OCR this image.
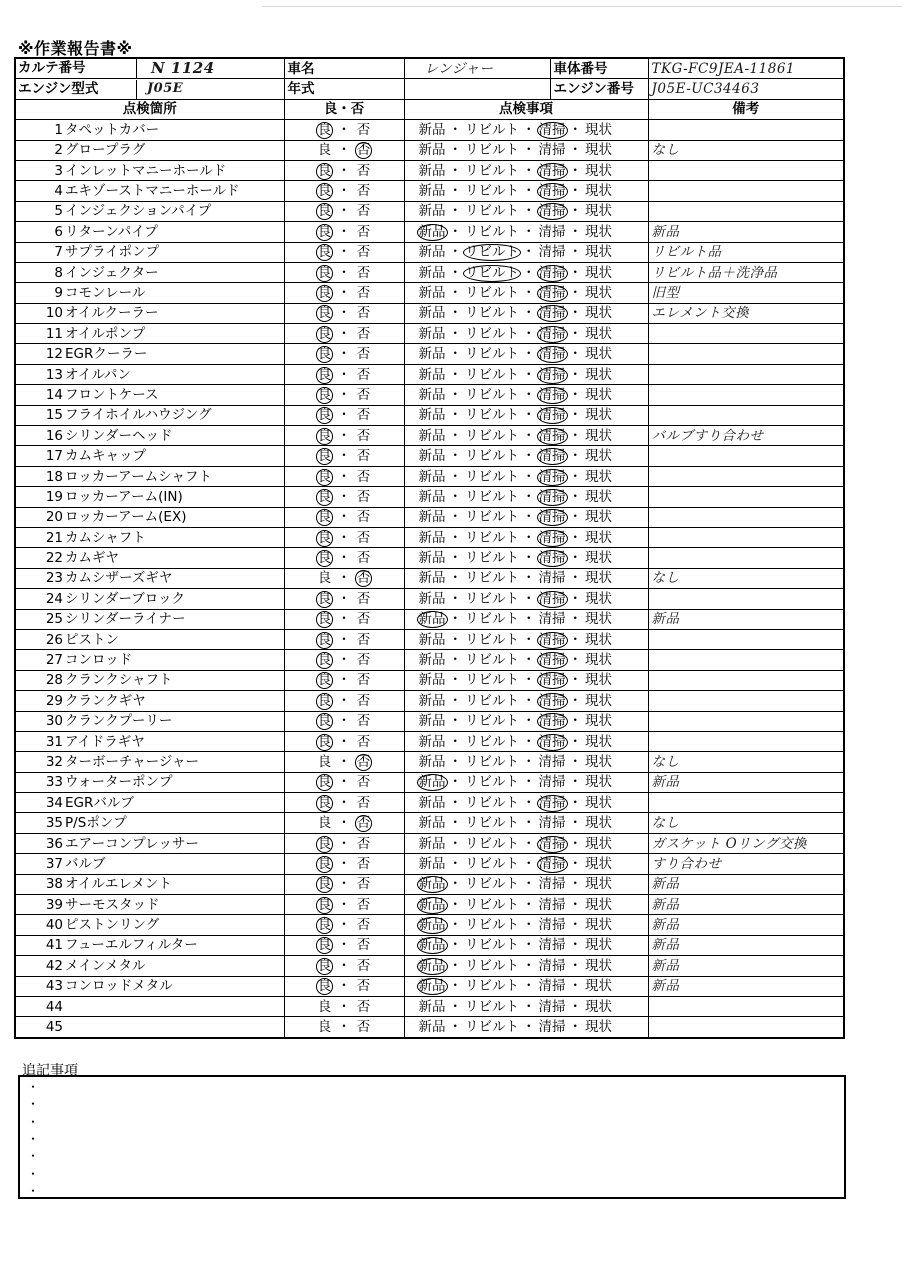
※作業報告書※
カルテ番号 N 1124		車名	レンジャー	車体番号	TKG-FC9JEA-11861

エンジン型式 J05E		年式		エンジン番号	J05E-UC34463
点検箇所		良・否	点検事項		備考
1	タペットカバー	良 ・ 否	新品 ・ リビルト ・ 清掃 ・ 現状		
2	グロープラグ	良 ・ 否	新品 ・ リビルト ・ 清掃 ・ 現状		なし
3	インレットマニーホールド	良 ・ 否	新品 ・ リビルト ・ 清掃 ・ 現状		
4	エキゾーストマニーホールド	良 ・ 否	新品 ・ リビルト ・ 清掃 ・ 現状		
5	インジェクションパイプ	良 ・ 否	新品 ・ リビルト ・ 清掃 ・ 現状		
6	リターンパイプ	良 ・ 否	新品 ・ リビルト ・ 清掃 ・ 現状		新品
7	サプライポンプ	良 ・ 否	新品 ・ リビルト ・ 清掃 ・ 現状		リビルト品
8	インジェクター	良 ・ 否	新品 ・ リビルト ・ 清掃 ・ 現状		リビルト品＋洗浄品
9	コモンレール	良 ・ 否	新品 ・ リビルト ・ 清掃 ・ 現状		旧型
10	オイルクーラー	良 ・ 否	新品 ・ リビルト ・ 清掃 ・ 現状		エレメント交換
11	オイルポンプ	良 ・ 否	新品 ・ リビルト ・ 清掃 ・ 現状		
12	EGRクーラー	良 ・ 否	新品 ・ リビルト ・ 清掃 ・ 現状		
13	オイルパン	良 ・ 否	新品 ・ リビルト ・ 清掃 ・ 現状		
14	フロントケース	良 ・ 否	新品 ・ リビルト ・ 清掃 ・ 現状		
15	フライホイルハウジング	良 ・ 否	新品 ・ リビルト ・ 清掃 ・ 現状		
16	シリンダーヘッド	良 ・ 否	新品 ・ リビルト ・ 清掃 ・ 現状		バルブすり合わせ
17	カムキャップ	良 ・ 否	新品 ・ リビルト ・ 清掃 ・ 現状		
18	ロッカーアームシャフト	良 ・ 否	新品 ・ リビルト ・ 清掃 ・ 現状		
19	ロッカーアーム(IN)	良 ・ 否	新品 ・ リビルト ・ 清掃 ・ 現状		
20	ロッカーアーム(EX)	良 ・ 否	新品 ・ リビルト ・ 清掃 ・ 現状		
21	カムシャフト	良 ・ 否	新品 ・ リビルト ・ 清掃 ・ 現状		
22	カムギヤ	良 ・ 否	新品 ・ リビルト ・ 清掃 ・ 現状		
23	カムシザーズギヤ	良 ・ 否	新品 ・ リビルト ・ 清掃 ・ 現状		なし
24	シリンダーブロック	良 ・ 否	新品 ・ リビルト ・ 清掃 ・ 現状		
25	シリンダーライナー	良 ・ 否	新品 ・ リビルト ・ 清掃 ・ 現状		新品
26	ピストン	良 ・ 否	新品 ・ リビルト ・ 清掃 ・ 現状		
27	コンロッド	良 ・ 否	新品 ・ リビルト ・ 清掃 ・ 現状		
28	クランクシャフト	良 ・ 否	新品 ・ リビルト ・ 清掃 ・ 現状		
29	クランクギヤ	良 ・ 否	新品 ・ リビルト ・ 清掃 ・ 現状		
30	クランクプーリー	良 ・ 否	新品 ・ リビルト ・ 清掃 ・ 現状		
31	アイドラギヤ	良 ・ 否	新品 ・ リビルト ・ 清掃 ・ 現状		
32	ターボーチャージャー	良 ・ 否	新品 ・ リビルト ・ 清掃 ・ 現状		なし
33	ウォーターポンプ	良 ・ 否	新品 ・ リビルト ・ 清掃 ・ 現状		新品
34	EGRバルブ	良 ・ 否	新品 ・ リビルト ・ 清掃 ・ 現状		
35	P/Sポンプ	良 ・ 否	新品 ・ リビルト ・ 清掃 ・ 現状		なし
36	エアーコンプレッサー	良 ・ 否	新品 ・ リビルト ・ 清掃 ・ 現状		ガスケット Oリング交換
37	バルブ	良 ・ 否	新品 ・ リビルト ・ 清掃 ・ 現状		すり合わせ
38	オイルエレメント	良 ・ 否	新品 ・ リビルト ・ 清掃 ・ 現状		新品
39	サーモスタッド	良 ・ 否	新品 ・ リビルト ・ 清掃 ・ 現状		新品
40	ピストンリング	良 ・ 否	新品 ・ リビルト ・ 清掃 ・ 現状		新品
41	フューエルフィルター	良 ・ 否	新品 ・ リビルト ・ 清掃 ・ 現状		新品
42	メインメタル	良 ・ 否	新品 ・ リビルト ・ 清掃 ・ 現状		新品
43	コンロッドメタル	良 ・ 否	新品 ・ リビルト ・ 清掃 ・ 現状		新品
44		良 ・ 否	新品 ・ リビルト ・ 清掃 ・ 現状		
45		良 ・ 否	新品 ・ リビルト ・ 清掃 ・ 現状		
追記事項
・
・
・
・
・
・
・
